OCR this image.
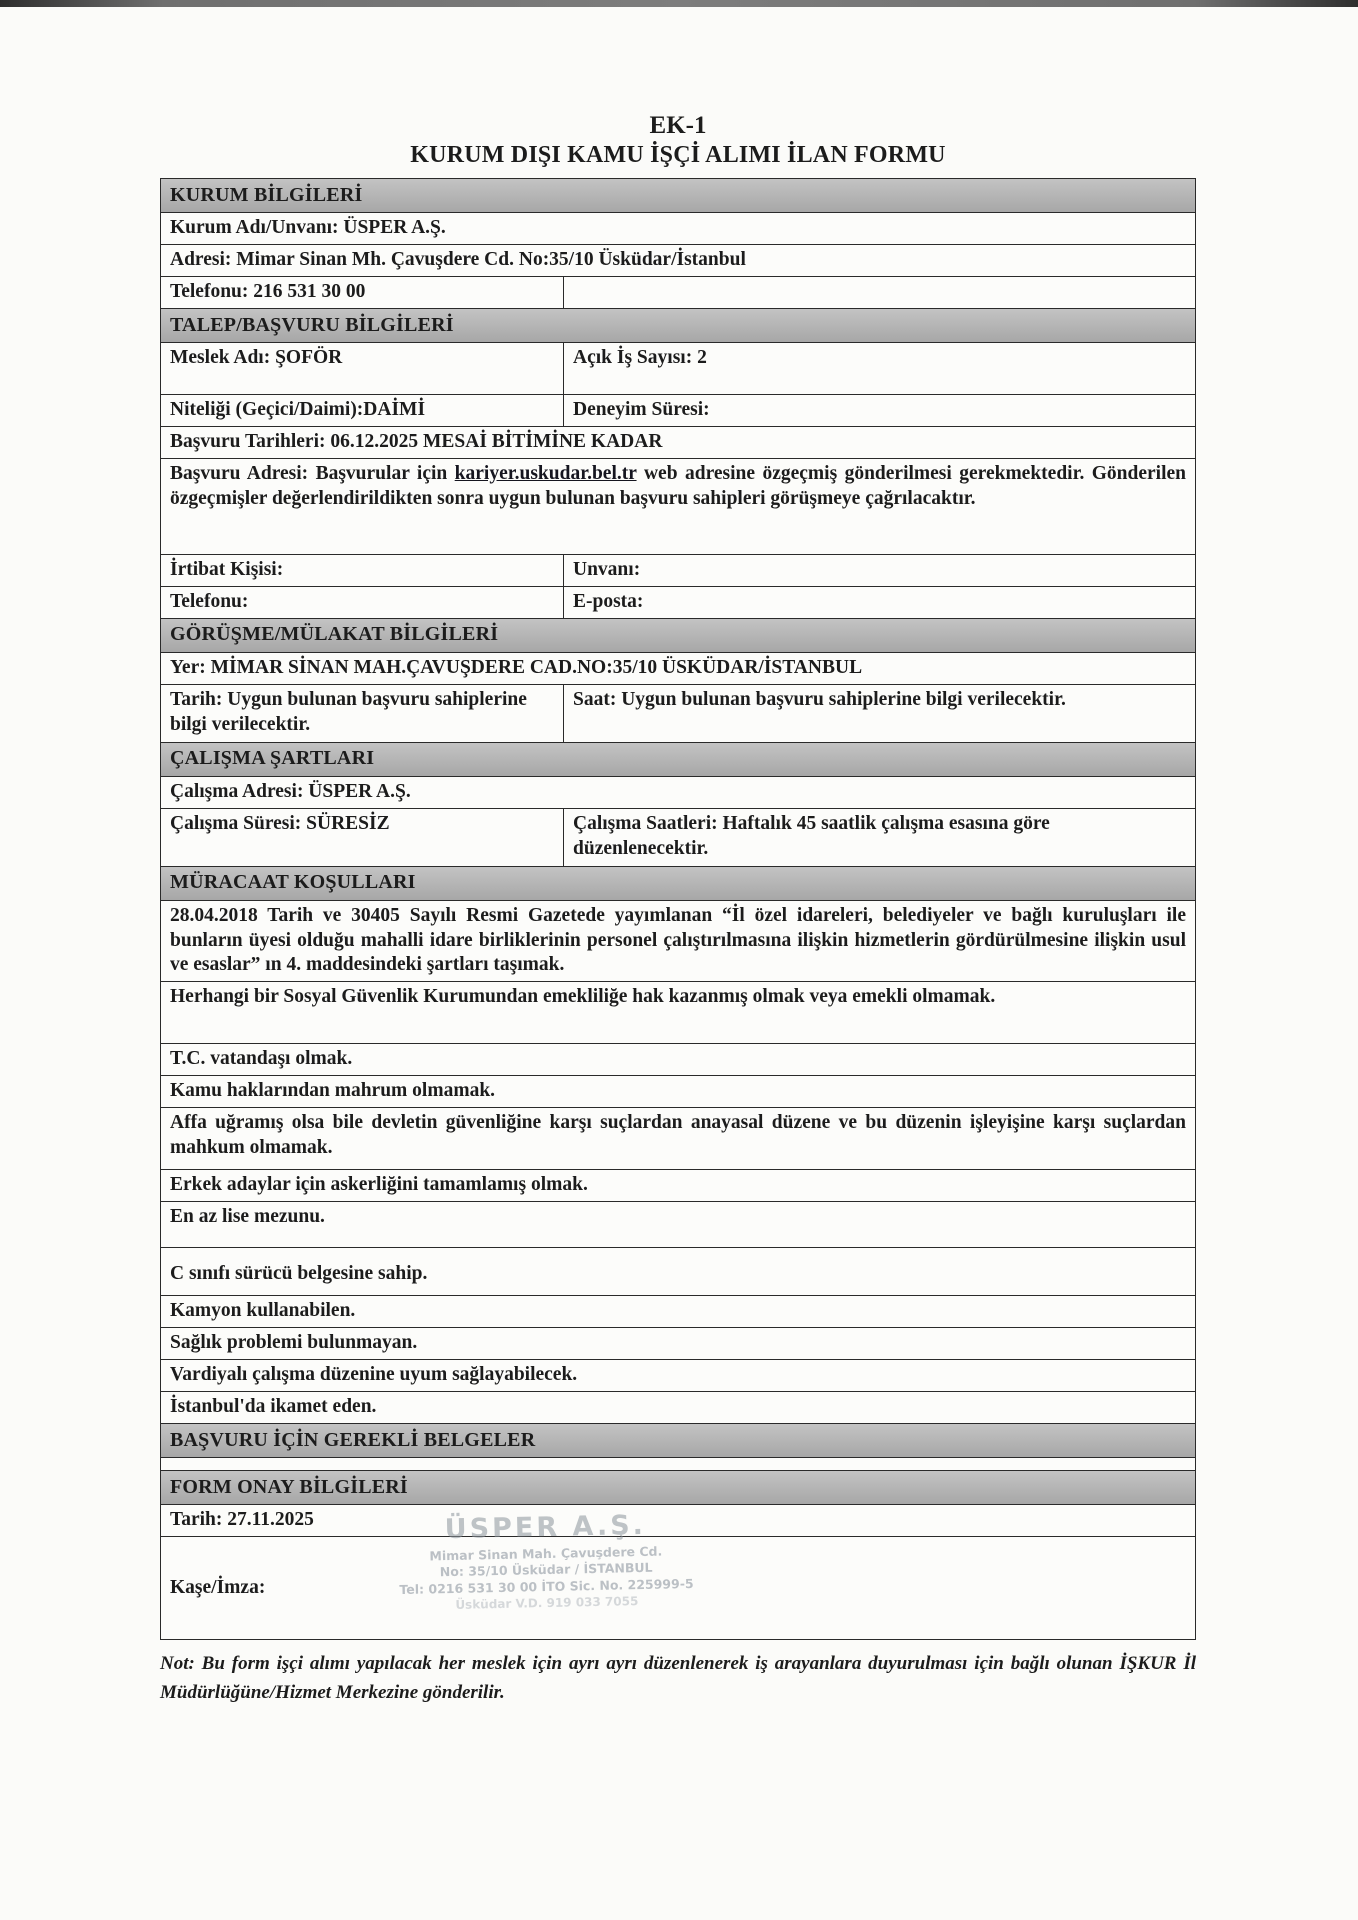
EK-1
KURUM DIŞI KAMU İŞÇİ ALIMI İLAN FORMU
KURUM BİLGİLERİ
Kurum Adı/Unvanı: ÜSPER A.Ş.
Adresi: Mimar Sinan Mh. Çavuşdere Cd. No:35/10 Üsküdar/İstanbul
Telefonu: 216 531 30 00
TALEP/BAŞVURU BİLGİLERİ
Meslek Adı: ŞOFÖR	Açık İş Sayısı: 2
Niteliği (Geçici/Daimi):DAİMİ	Deneyim Süresi:
Başvuru Tarihleri: 06.12.2025 MESAİ BİTİMİNE KADAR
Başvuru Adresi: Başvurular için kariyer.uskudar.bel.tr web adresine özgeçmiş gönderilmesi gerekmektedir. Gönderilen özgeçmişler değerlendirildikten sonra uygun bulunan başvuru sahipleri görüşmeye çağrılacaktır.
İrtibat Kişisi:	Unvanı:
Telefonu:	E-posta:
GÖRÜŞME/MÜLAKAT BİLGİLERİ
Yer: MİMAR SİNAN MAH.ÇAVUŞDERE CAD.NO:35/10 ÜSKÜDAR/İSTANBUL
Tarih: Uygun bulunan başvuru sahiplerine bilgi verilecektir.
Saat: Uygun bulunan başvuru sahiplerine bilgi verilecektir.
ÇALIŞMA ŞARTLARI
Çalışma Adresi: ÜSPER A.Ş.
Çalışma Süresi: SÜRESİZ	Çalışma Saatleri: Haftalık 45 saatlik çalışma esasına göre düzenlenecektir.
MÜRACAAT KOŞULLARI
28.04.2018 Tarih ve 30405 Sayılı Resmi Gazetede yayımlanan “İl özel idareleri, belediyeler ve bağlı kuruluşları ile bunların üyesi olduğu mahalli idare birliklerinin personel çalıştırılmasına ilişkin hizmetlerin gördürülmesine ilişkin usul ve esaslar” ın 4. maddesindeki şartları taşımak.
Herhangi bir Sosyal Güvenlik Kurumundan emekliliğe hak kazanmış olmak veya emekli olmamak.
T.C. vatandaşı olmak.
Kamu haklarından mahrum olmamak.
Affa uğramış olsa bile devletin güvenliğine karşı suçlardan anayasal düzene ve bu düzenin işleyişine karşı suçlardan mahkum olmamak.
Erkek adaylar için askerliğini tamamlamış olmak.
En az lise mezunu.
C sınıfı sürücü belgesine sahip.
Kamyon kullanabilen.
Sağlık problemi bulunmayan.
Vardiyalı çalışma düzenine uyum sağlayabilecek.
İstanbul'da ikamet eden.
BAŞVURU İÇİN GEREKLİ BELGELER
FORM ONAY BİLGİLERİ
Tarih: 27.11.2025
Kaşe/İmza:
ÜSPER A.Ş.
Mimar Sinan Mah. Çavuşdere Cd.
No: 35/10 Üsküdar / İSTANBUL
Tel: 0216 531 30 00 İTO Sic. No. 225999-5
Üsküdar V.D. 919 033 7055
Not: Bu form işçi alımı yapılacak her meslek için ayrı ayrı düzenlenerek iş arayanlara duyurulması için bağlı olunan İŞKUR İl Müdürlüğüne/Hizmet Merkezine gönderilir.
